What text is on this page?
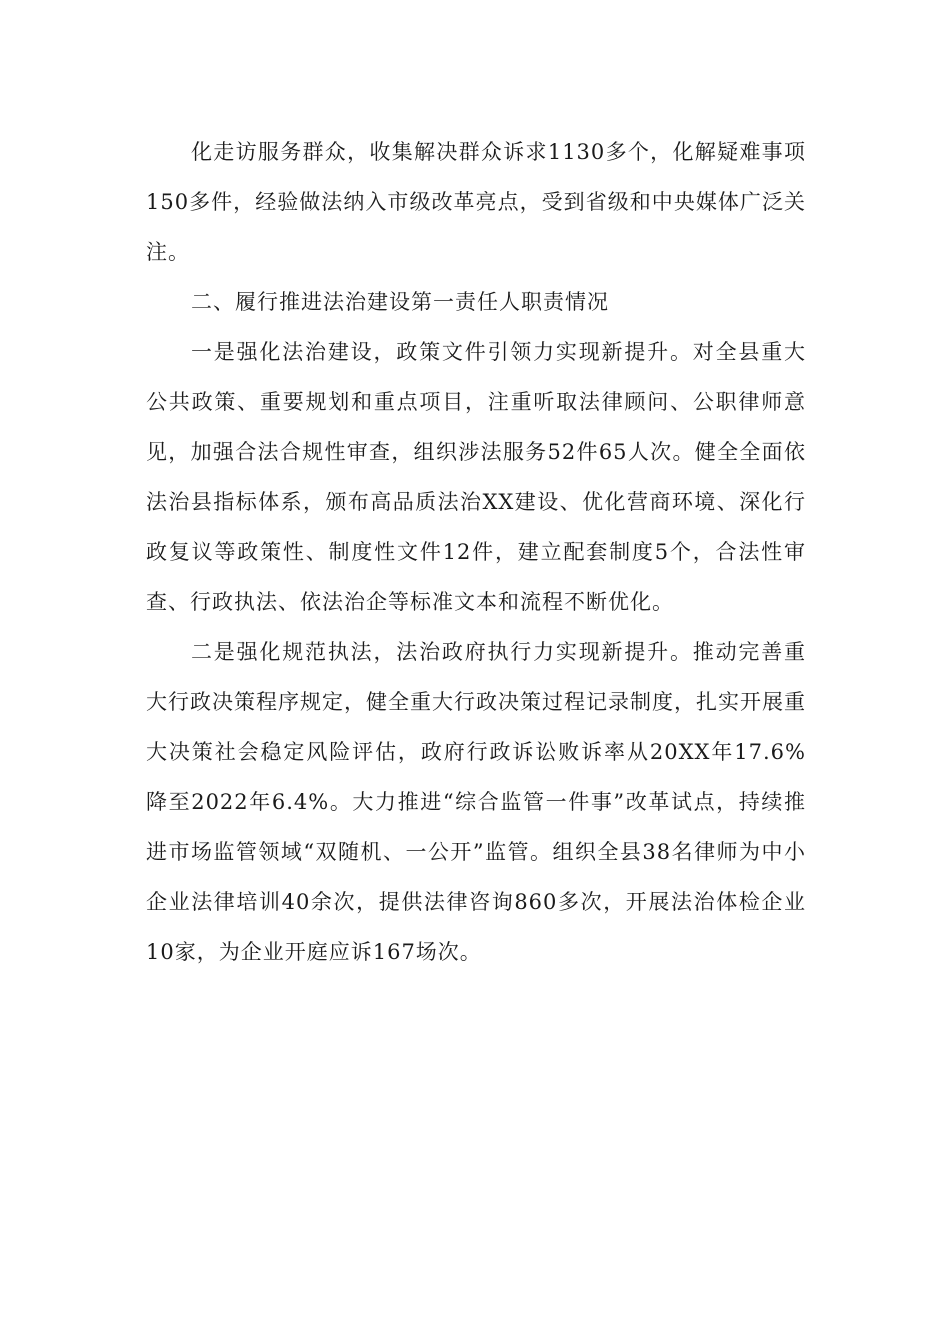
化走访服务群众，收集解决群众诉求1130多个，化解疑难事项150多件，经验做法纳入市级改革亮点，受到省级和中央媒体广泛关注。

二、履行推进法治建设第一责任人职责情况

一是强化法治建设，政策文件引领力实现新提升。对全县重大公共政策、重要规划和重点项目，注重听取法律顾问、公职律师意见，加强合法合规性审查，组织涉法服务52件65人次。健全全面依法治县指标体系，颁布高品质法治XX建设、优化营商环境、深化行政复议等政策性、制度性文件12件，建立配套制度5个，合法性审查、行政执法、依法治企等标准文本和流程不断优化。

二是强化规范执法，法治政府执行力实现新提升。推动完善重大行政决策程序规定，健全重大行政决策过程记录制度，扎实开展重大决策社会稳定风险评估，政府行政诉讼败诉率从20XX年17.6%降至2022年6.4%。大力推进“综合监管一件事”改革试点，持续推进市场监管领域“双随机、一公开”监管。组织全县38名律师为中小企业法律培训40余次，提供法律咨询860多次，开展法治体检企业10家，为企业开庭应诉167场次。
